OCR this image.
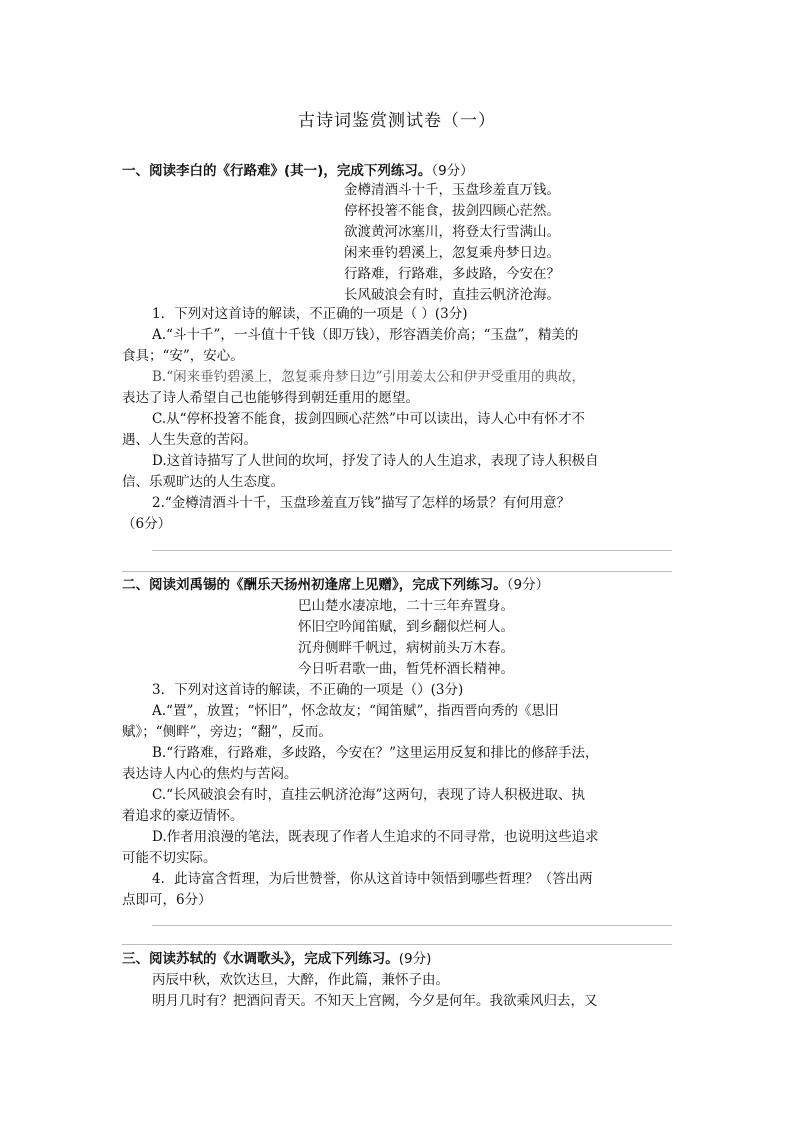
古诗词鉴赏测试卷（一）
一、阅读李白的《行路难》(其一)，完成下列练习。（9分）
金樽清酒斗十千，玉盘珍羞直万钱。
停杯投箸不能食，拔剑四顾心茫然。
欲渡黄河冰塞川，将登太行雪满山。
闲来垂钓碧溪上，忽复乘舟梦日边。
行路难，行路难，多歧路，今安在？
长风破浪会有时，直挂云帆济沧海。
1．下列对这首诗的解读，不正确的一项是（ ）(3分)
A.“斗十千”，一斗值十千钱（即万钱），形容酒美价高；“玉盘”，精美的
食具；“安”，安心。
B.“闲来垂钓碧溪上，忽复乘舟梦日边”引用姜太公和伊尹受重用的典故，
表达了诗人希望自己也能够得到朝廷重用的愿望。
C.从“停杯投箸不能食，拔剑四顾心茫然”中可以读出，诗人心中有怀才不
遇、人生失意的苦闷。
D.这首诗描写了人世间的坎坷，抒发了诗人的人生追求，表现了诗人积极自
信、乐观旷达的人生态度。
2.“金樽清酒斗十千，玉盘珍羞直万钱”描写了怎样的场景？有何用意？
（6分）
二、阅读刘禹锡的《酬乐天扬州初逢席上见赠》，完成下列练习。（9分）
巴山楚水凄凉地，二十三年弃置身。
怀旧空吟闻笛赋，到乡翻似烂柯人。
沉舟侧畔千帆过，病树前头万木春。
今日听君歌一曲，暂凭杯酒长精神。
3．下列对这首诗的解读，不正确的一项是（）(3分)
A.“置”，放置；“怀旧”，怀念故友；“闻笛赋”，指西晋向秀的《思旧
赋》；“侧畔”，旁边；“翻”，反而。
B.“行路难，行路难，多歧路，今安在？”这里运用反复和排比的修辞手法，
表达诗人内心的焦灼与苦闷。
C.“长风破浪会有时，直挂云帆济沧海”这两句，表现了诗人积极进取、执
着追求的豪迈情怀。
D.作者用浪漫的笔法，既表现了作者人生追求的不同寻常，也说明这些追求
可能不切实际。
4．此诗富含哲理，为后世赞誉，你从这首诗中领悟到哪些哲理？（答出两
点即可，6分）
三、阅读苏轼的《水调歌头》，完成下列练习。(9分)
丙辰中秋，欢饮达旦，大醉，作此篇，兼怀子由。
明月几时有？把酒问青天。不知天上宫阙，今夕是何年。我欲乘风归去，又
